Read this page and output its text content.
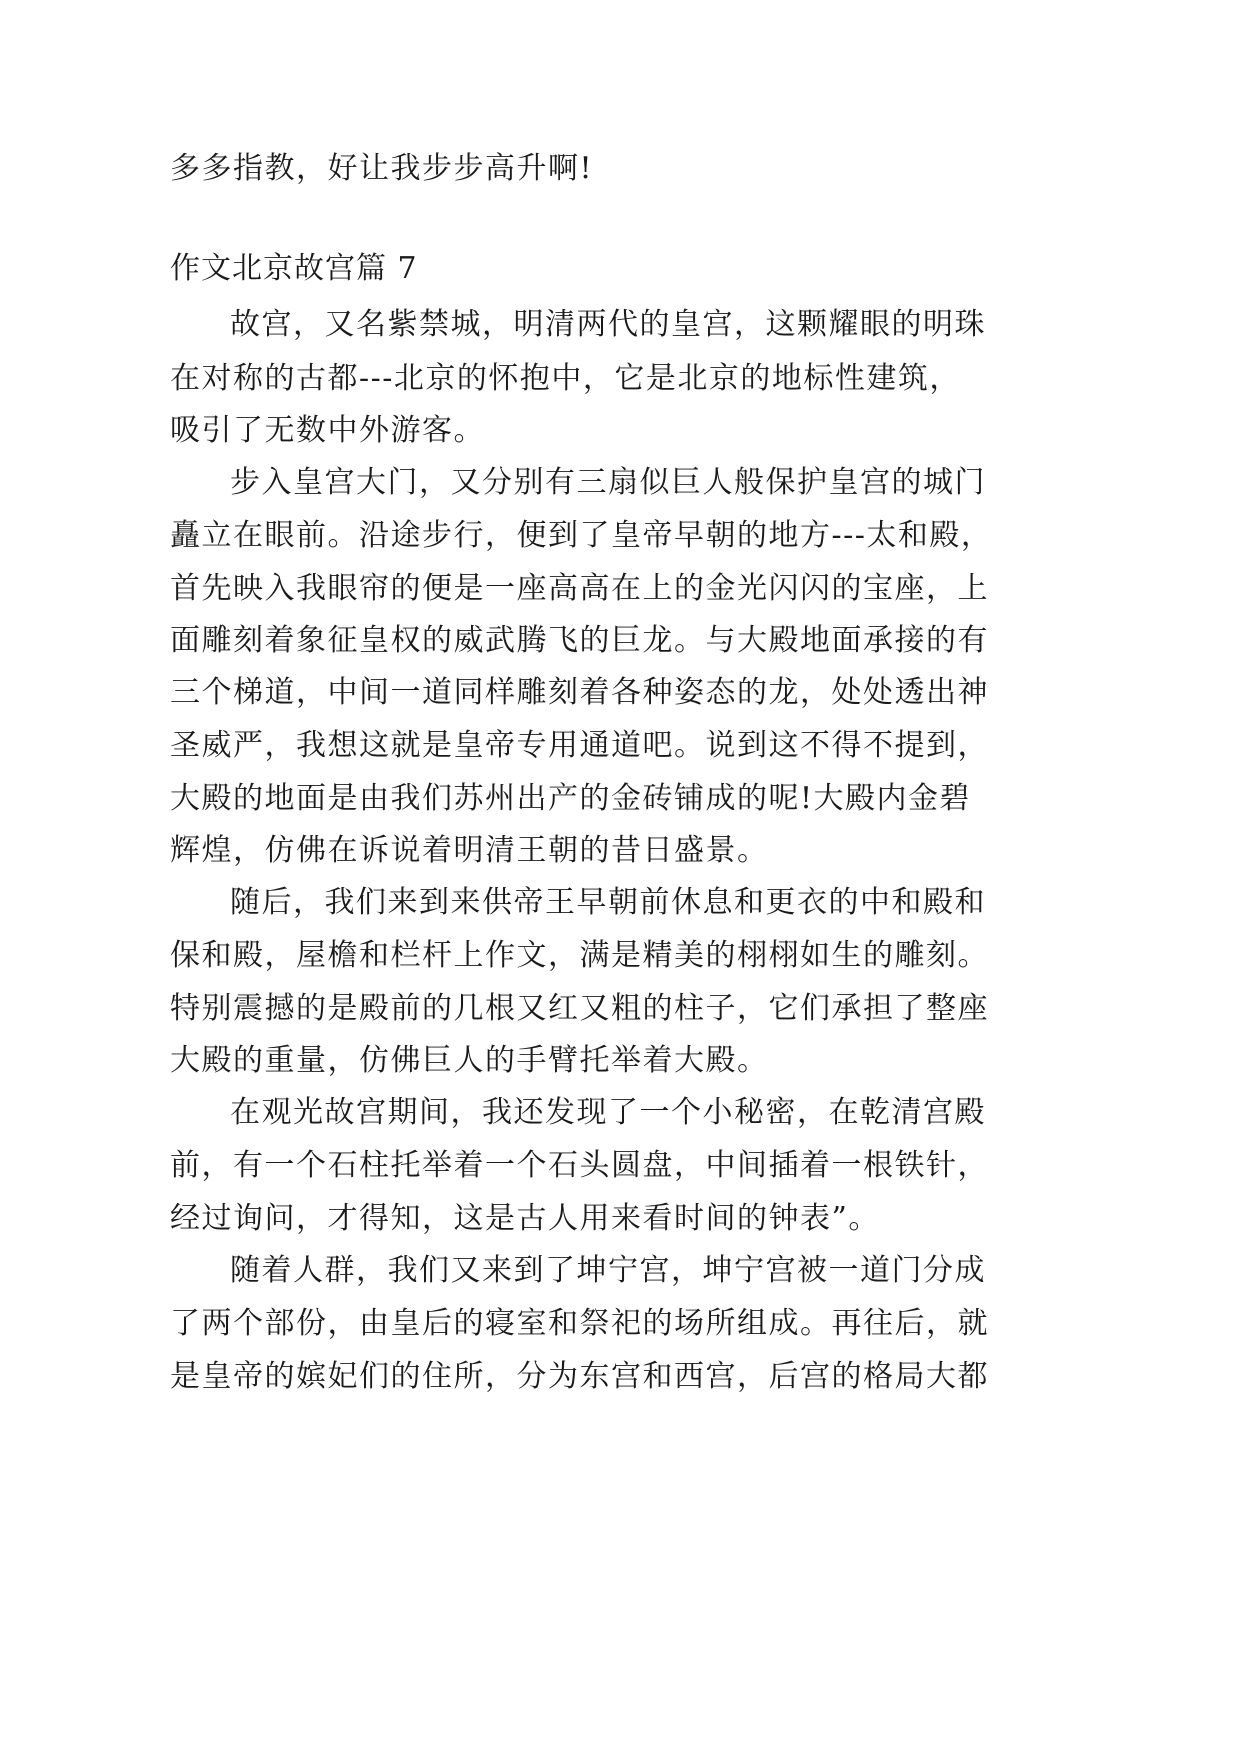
多多指教，好让我步步高升啊!
作文北京故宫篇 7
故宫，又名紫禁城，明清两代的皇宫，这颗耀眼的明珠
在对称的古都---北京的怀抱中，它是北京的地标性建筑，
吸引了无数中外游客。
步入皇宫大门，又分别有三扇似巨人般保护皇宫的城门
矗立在眼前。沿途步行，便到了皇帝早朝的地方---太和殿，
首先映入我眼帘的便是一座高高在上的金光闪闪的宝座，上
面雕刻着象征皇权的威武腾飞的巨龙。与大殿地面承接的有
三个梯道，中间一道同样雕刻着各种姿态的龙，处处透出神
圣威严，我想这就是皇帝专用通道吧。说到这不得不提到，
大殿的地面是由我们苏州出产的金砖铺成的呢!大殿内金碧
辉煌，仿佛在诉说着明清王朝的昔日盛景。
随后，我们来到来供帝王早朝前休息和更衣的中和殿和
保和殿，屋檐和栏杆上作文，满是精美的栩栩如生的雕刻。
特别震撼的是殿前的几根又红又粗的柱子，它们承担了整座
大殿的重量，仿佛巨人的手臂托举着大殿。
在观光故宫期间，我还发现了一个小秘密，在乾清宫殿
前，有一个石柱托举着一个石头圆盘，中间插着一根铁针，
经过询问，才得知，这是古人用来看时间的钟表”。
随着人群，我们又来到了坤宁宫，坤宁宫被一道门分成
了两个部份，由皇后的寝室和祭祀的场所组成。再往后，就
是皇帝的嫔妃们的住所，分为东宫和西宫，后宫的格局大都
